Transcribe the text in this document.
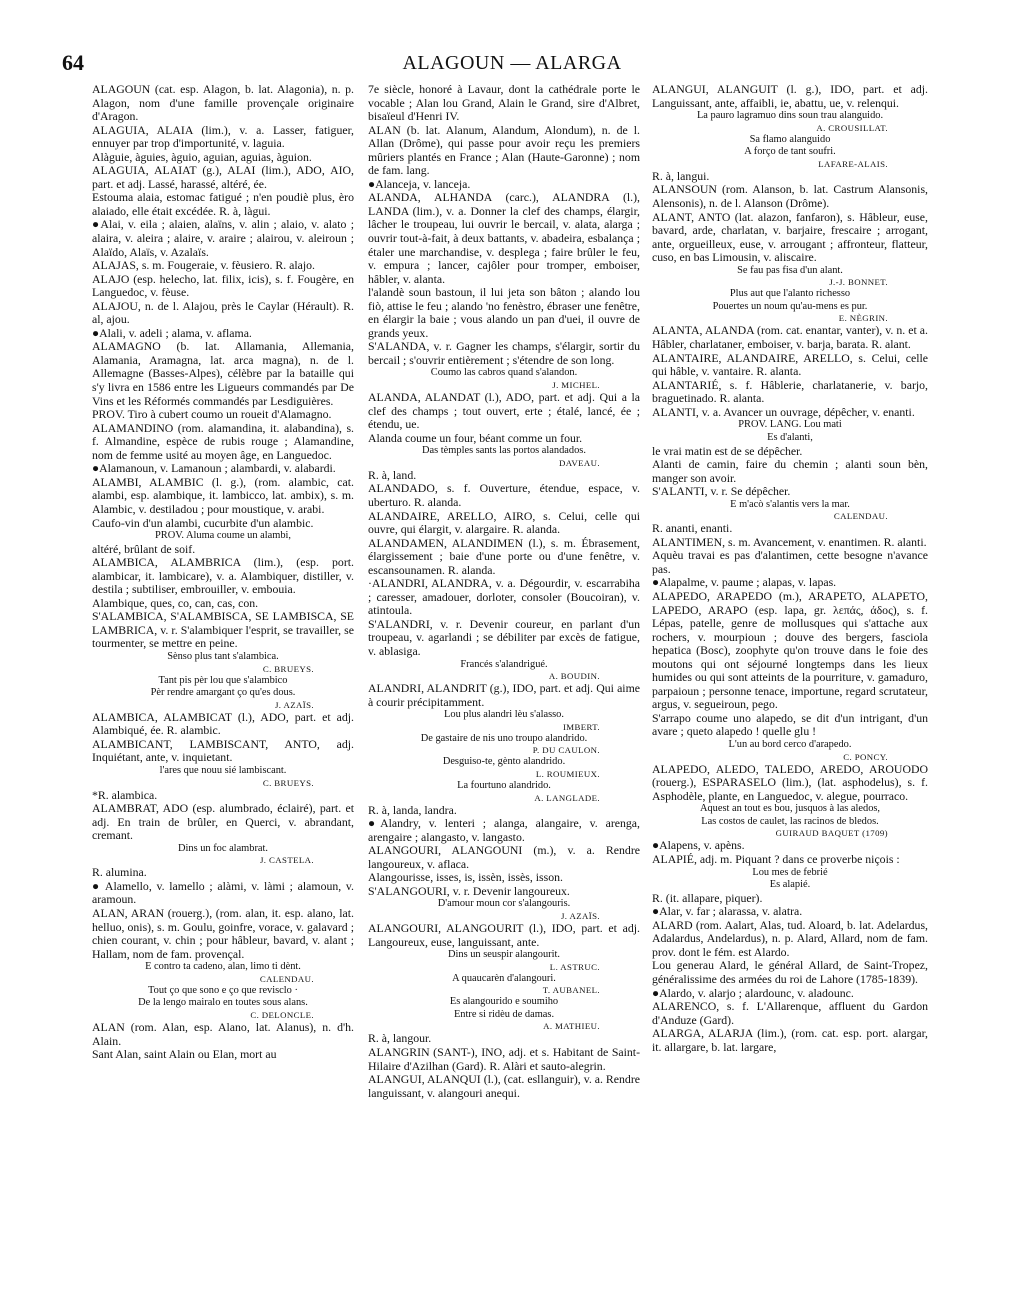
64	ALAGOUN — ALARGA

ALAGOUN (cat. esp. Alagon, b. lat. Alagonia), n. p. Alagon, nom d'une famille provençale originaire d'Aragon.

ALAGUIA, ALAIA (lim.), v. a. Lasser, fatiguer, ennuyer par trop d'importunité, v. laguia.

Alàguie, àguies, àguio, aguian, aguias, àguion.

ALAGUIA, ALAIAT (g.), ALAI (lim.), ADO, AIO, part. et adj. Lassé, harassé, altéré, ée.

Estouma alaia, estomac fatigué ; n'en poudiè plus, èro alaiado, elle était excédée. R. à, làgui.

●Alai, v. eila ; alaien, alaïns, v. alin ; alaio, v. alato ; alaira, v. aleira ; alaire, v. araire ; alairou, v. aleiroun ; Alaïdo, Alaïs, v. Azalaïs.

ALAJAS, s. m. Fougeraie, v. fèusiero. R. alajo.

ALAJO (esp. helecho, lat. filix, icis), s. f. Fougère, en Languedoc, v. fèuse.

ALAJOU, n. de l. Alajou, près le Caylar (Hérault). R. al, ajou.

●Alali, v. adeli ; alama, v. aflama.

ALAMAGNO (b. lat. Allamania, Allemania, Alamania, Aramagna, lat. arca magna), n. de l. Allemagne (Basses-Alpes), célèbre par la bataille qui s'y livra en 1586 entre les Ligueurs commandés par De Vins et les Réformés commandés par Lesdiguières.

PROV. Tiro à cubert coumo un roueit d'Alamagno.

ALAMANDINO (rom. alamandina, it. alabandina), s. f. Almandine, espèce de rubis rouge ; Alamandine, nom de femme usité au moyen âge, en Languedoc.

●Alamanoun, v. Lamanoun ; alambardi, v. alabardi.

ALAMBI, ALAMBIC (l. g.), (rom. alambic, cat. alambi, esp. alambique, it. lambicco, lat. ambix), s. m. Alambic, v. destiladou ; pour moustique, v. arabi.

Caufo-vin d'un alambi, cucurbite d'un alambic.

PROV. Aluma coume un alambi,

altéré, brûlant de soif.

ALAMBICA, ALAMBRICA (lim.), (esp. port. alambicar, it. lambicare), v. a. Alambiquer, distiller, v. destila ; subtiliser, embrouiller, v. embouia.

Alambique, ques, co, can, cas, con.

S'ALAMBICA, S'ALAMBISCA, SE LAMBISCA, SE LAMBRICA, v. r. S'alambiquer l'esprit, se travailler, se tourmenter, se mettre en peine.

Sènso plus tant s'alambica.

C. BRUEYS.

Tant pis pèr lou que s'alambico

Pèr rendre amargant ço qu'es dous.

J. AZAÏS.

ALAMBICA, ALAMBICAT (l.), ADO, part. et adj. Alambiqué, ée. R. alambic.

ALAMBICANT, LAMBISCANT, ANTO, adj. Inquiétant, ante, v. inquietant.

l'ares que nouu sié lambiscant.

C. BRUEYS.

*R. alambica.

ALAMBRAT, ADO (esp. alumbrado, éclairé), part. et adj. En train de brûler, en Querci, v. abrandant, cremant.

Dins un foc alambrat.

J. CASTELA.

R. alumina.

● Alamello, v. lamello ; alàmi, v. làmi ; alamoun, v. aramoun.

ALAN, ARAN (rouerg.), (rom. alan, it. esp. alano, lat. helluo, onis), s. m. Goulu, goinfre, vorace, v. galavard ; chien courant, v. chin ; pour hâbleur, bavard, v. alant ; Hallam, nom de fam. provençal.

E contro ta cadeno, alan, limo ti dènt.

CALENDAU.

Tout ço que sono e ço que revisclo ·

De la lengo mairalo en toutes sous alans.

C. DELONCLE.

ALAN (rom. Alan, esp. Alano, lat. Alanus), n. d'h. Alain.

Sant Alan, saint Alain ou Elan, mort au

7e siècle, honoré à Lavaur, dont la cathédrale porte le vocable ; Alan lou Grand, Alain le Grand, sire d'Albret, bisaïeul d'Henri IV.

ALAN (b. lat. Alanum, Alandum, Alondum), n. de l. Allan (Drôme), qui passe pour avoir reçu les premiers mûriers plantés en France ; Alan (Haute-Garonne) ; nom de fam. lang.

●Alanceja, v. lanceja.

ALANDA, ALHANDA (carc.), ALANDRA (l.), LANDA (lim.), v. a. Donner la clef des champs, élargir, lâcher le troupeau, lui ouvrir le bercail, v. alata, alarga ; ouvrir tout-à-fait, à deux battants, v. abadeira, esbalança ; étaler une marchandise, v. desplega ; faire brûler le feu, v. empura ; lancer, cajôler pour tromper, emboiser, hâbler, v. alanta.

l'alandè soun bastoun, il lui jeta son bâton ; alando lou fiò, attise le feu ; alando 'no fenèstro, ébraser une fenêtre, en élargir la baie ; vous alando un pan d'uei, il ouvre de grands yeux.

S'ALANDA, v. r. Gagner les champs, s'élargir, sortir du bercail ; s'ouvrir entièrement ; s'étendre de son long.

Coumo las cabros quand s'alandon.

J. MICHEL.

ALANDA, ALANDAT (l.), ADO, part. et adj. Qui a la clef des champs ; tout ouvert, erte ; étalé, lancé, ée ; étendu, ue.

Alanda coume un four, béant comme un four.

Das tèmples sants las portos alandados.

DAVEAU.

R. à, land.

ALANDADO, s. f. Ouverture, étendue, espace, v. uberturo. R. alanda.

ALANDAIRE, ARELLO, AIRO, s. Celui, celle qui ouvre, qui élargit, v. alargaire. R. alanda.

ALANDAMEN, ALANDIMEN (l.), s. m. Ébrasement, élargissement ; baie d'une porte ou d'une fenêtre, v. escansounamen. R. alanda.

·ALANDRI, ALANDRA, v. a. Dégourdir, v. escarrabiha ; caresser, amadouer, dorloter, consoler (Boucoiran), v. atintoula.

S'ALANDRI, v. r. Devenir coureur, en parlant d'un troupeau, v. agarlandi ; se débiliter par excès de fatigue, v. ablasiga.

Francés s'alandrigué.

A. BOUDIN.

ALANDRI, ALANDRIT (g.), IDO, part. et adj. Qui aime à courir précipitamment.

Lou plus alandri lèu s'alasso.

IMBERT.

De gastaire de nis uno troupo alandrido.

P. DU CAULON.

Desguiso-te, gènto alandrido.

L. ROUMIEUX.

La fourtuno alandrido.

A. LANGLADE.

R. à, landa, landra.

●Alandry, v. lenteri ; alanga, alangaire, v. arenga, arengaire ; alangasto, v. langasto.

ALANGOURI, ALANGOUNI (m.), v. a. Rendre langoureux, v. aflaca.

Alangourisse, isses, is, issèn, issès, isson.

S'ALANGOURI, v. r. Devenir langoureux.

D'amour moun cor s'alangouris.

J. AZAÏS.

ALANGOURI, ALANGOURIT (l.), IDO, part. et adj. Langoureux, euse, languissant, ante.

Dins un seuspir alangourit.

L. ASTRUC.

A quaucarèn d'alangouri.

T. AUBANEL.

Es alangourido e soumiho

Entre si ridèu de damas.

A. MATHIEU.

R. à, langour.

ALANGRIN (SANT-), INO, adj. et s. Habitant de Saint-Hilaire d'Azilhan (Gard). R. Alàri et sauto-alegrin.

ALANGUI, ALANQUI (l.), (cat. esllanguir), v. a. Rendre languissant, v. alangouri anequi.

ALANGUI, ALANGUIT (l. g.), IDO, part. et adj. Languissant, ante, affaibli, ie, abattu, ue, v. relenqui.

La pauro lagramuo dins soun trau alanguido.

A. CROUSILLAT.

Sa flamo alanguido

A forço de tant soufri.

LAFARE-ALAIS.

R. à, langui.

ALANSOUN (rom. Alanson, b. lat. Castrum Alansonis, Alensonis), n. de l. Alanson (Drôme).

ALANT, ANTO (lat. alazon, fanfaron), s. Hâbleur, euse, bavard, arde, charlatan, v. barjaire, frescaire ; arrogant, ante, orgueilleux, euse, v. arrougant ; affronteur, flatteur, cuso, en bas Limousin, v. aliscaire.

Se fau pas fisa d'un alant.

J.-J. BONNET.

Plus aut que l'alanto richesso

Pouertes un noum qu'au-mens es pur.

E. NÈGRIN.

ALANTA, ALANDA (rom. cat. enantar, vanter), v. n. et a. Hâbler, charlataner, emboiser, v. barja, barata. R. alant.

ALANTAIRE, ALANDAIRE, ARELLO, s. Celui, celle qui hâble, v. vantaire. R. alanta.

ALANTARIÉ, s. f. Hâblerie, charlatanerie, v. barjo, braguetinado. R. alanta.

ALANTI, v. a. Avancer un ouvrage, dépêcher, v. enanti.

PROV. LANG. Lou mati

Es d'alanti,

le vrai matin est de se dépêcher.

Alanti de camin, faire du chemin ; alanti soun bèn, manger son avoir.

S'ALANTI, v. r. Se dépêcher.

E m'acò s'alantis vers la mar.

CALENDAU.

R. ananti, enanti.

ALANTIMEN, s. m. Avancement, v. enantimen. R. alanti.

Aquèu travai es pas d'alantimen, cette besogne n'avance pas.

●Alapalme, v. paume ; alapas, v. lapas.

ALAPEDO, ARAPEDO (m.), ARAPETO, ALAPETO, LAPEDO, ARAPO (esp. lapa, gr. λεπάς, άδος), s. f. Lépas, patelle, genre de mollusques qui s'attache aux rochers, v. mourpioun ; douve des bergers, fasciola hepatica (Bosc), zoophyte qu'on trouve dans le foie des moutons qui ont séjourné longtemps dans les lieux humides ou qui sont atteints de la pourriture, v. gamaduro, parpaioun ; personne tenace, importune, regard scrutateur, argus, v. segueiroun, pego.

S'arrapo coume uno alapedo, se dit d'un intrigant, d'un avare ; queto alapedo ! quelle glu !

L'un au bord cerco d'arapedo.

C. PONCY.

ALAPEDO, ALEDO, TALEDO, AREDO, AROUODO (rouerg.), ESPARASELO (lim.), (lat. asphodelus), s. f. Asphodèle, plante, en Languedoc, v. alegue, pourraco.

Aquest an tout es bou, jusquos à las aledos,

Las costos de caulet, las racinos de bledos.

GUIRAUD BAQUET (1709)

●Alapens, v. apèns.

ALAPIÉ, adj. m. Piquant ? dans ce proverbe niçois :

Lou mes de febrié

Es alapié.

R. (it. allapare, piquer).

●Alar, v. far ; alarassa, v. alatra.

ALARD (rom. Aalart, Alas, tud. Aloard, b. lat. Adelardus, Adalardus, Andelardus), n. p. Alard, Allard, nom de fam. prov. dont le fém. est Alardo.

Lou generau Alard, le général Allard, de Saint-Tropez, généralissime des armées du roi de Lahore (1785-1839).

●Alardo, v. alarjo ; alardounc, v. aladounc.

ALARENCO, s. f. L'Allarenque, affluent du Gardon d'Anduze (Gard).

ALARGA, ALARJA (lim.), (rom. cat. esp. port. alargar, it. allargare, b. lat. largare,
